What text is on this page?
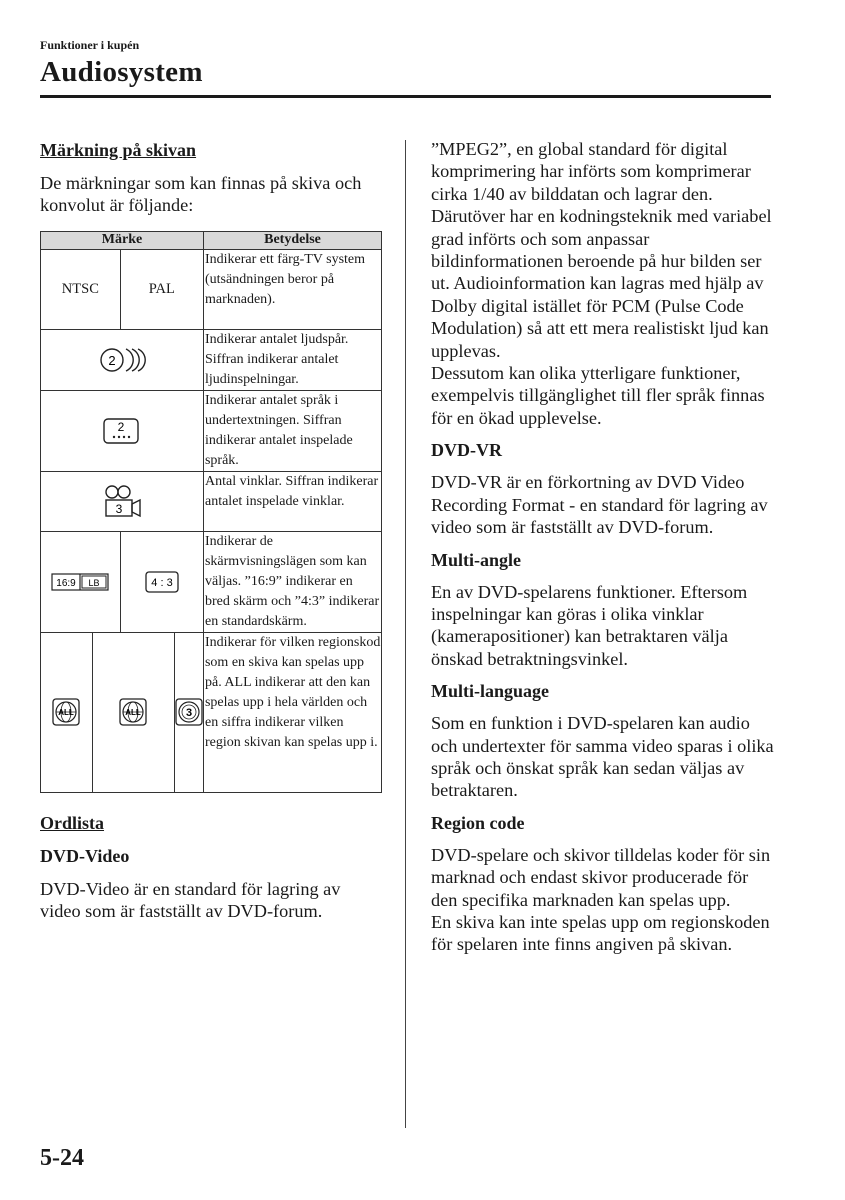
Funktioner i kupén
Audiosystem
Märkning på skivan
De märkningar som kan finnas på skiva och konvolut är följande:
Märke				Betydelse
NTSC		PAL		Indikerar ett färg-TV system (utsändningen beror på marknaden).

2				Indikerar antalet ljudspår. Siffran indikerar antalet ljudinspelningar.

2				Indikerar antalet språk i undertextningen. Siffran indikerar antalet inspelade språk.

3				Antal vinklar. Siffran indikerar antalet inspelade vinklar.

16:9 LB		4 : 3		Indikerar de skärmvisningslägen som kan väljas. ”16:9” indikerar en bred skärm och ”4:3” indikerar en standardskärm.

ALL	ALL		3	Indikerar för vilken regionskod som en skiva kan spelas upp på. ALL indikerar att den kan spelas upp i hela världen och en siffra indikerar vilken region skivan kan spelas upp i.
Ordlista
DVD-Video
DVD-Video är en standard för lagring av video som är fastställt av DVD-forum.
”MPEG2”, en global standard för digital komprimering har införts som komprimerar cirka 1/40 av bilddatan och lagrar den. Därutöver har en kodningsteknik med variabel grad införts och som anpassar bildinformationen beroende på hur bilden ser ut. Audioinformation kan lagras med hjälp av Dolby digital istället för PCM (Pulse Code Modulation) så att ett mera realistiskt ljud kan upplevas.
Dessutom kan olika ytterligare funktioner, exempelvis tillgänglighet till fler språk finnas för en ökad upplevelse.
DVD-VR
DVD-VR är en förkortning av DVD Video Recording Format - en standard för lagring av video som är fastställt av DVD-forum.
Multi-angle
En av DVD-spelarens funktioner. Eftersom inspelningar kan göras i olika vinklar (kamerapositioner) kan betraktaren välja önskad betraktningsvinkel.
Multi-language
Som en funktion i DVD-spelaren kan audio och undertexter för samma video sparas i olika språk och önskat språk kan sedan väljas av betraktaren.
Region code
DVD-spelare och skivor tilldelas koder för sin marknad och endast skivor producerade för den specifika marknaden kan spelas upp.
En skiva kan inte spelas upp om regionskoden för spelaren inte finns angiven på skivan.
5-24
